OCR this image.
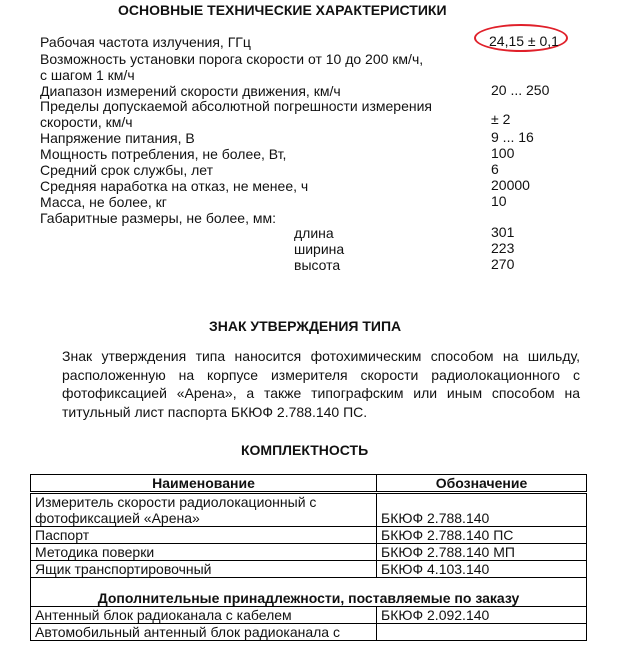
ОСНОВНЫЕ ТЕХНИЧЕСКИЕ ХАРАКТЕРИСТИКИ
Рабочая частота излучения, ГГц	24,15 ± 0,1
Возможность установки порога скорости от 10 до 200 км/ч,
с шагом 1 км/ч
Диапазон измерений скорости движения, км/ч	20 ... 250
Пределы допускаемой абсолютной погрешности измерения
скорости, км/ч	± 2
Напряжение питания, В	9 ... 16
Мощность потребления, не более, Вт,	100
Средний срок службы, лет	6
Средняя наработка на отказ, не менее, ч	20000
Масса, не более, кг	10
Габаритные размеры, не более, мм:
длина	301
ширина	223
высота	270
ЗНАК УТВЕРЖДЕНИЯ ТИПА
Знак утверждения типа наносится фотохимическим способом на шильду, расположенную на корпусе измерителя скорости радиолокационного с фотофиксацией «Арена», а также типографским или иным способом на титульный лист паспорта БКЮФ 2.788.140 ПС.
КОМПЛЕКТНОСТЬ
Наименование	Обозначение
Измеритель скорости радиолокационный с фотофиксацией «Арена»	БКЮФ 2.788.140
Паспорт	БКЮФ 2.788.140 ПС
Методика поверки	БКЮФ 2.788.140 МП
Ящик транспортировочный	БКЮФ 4.103.140
Дополнительные принадлежности, поставляемые по заказу	
Антенный блок радиоканала с кабелем	БКЮФ 2.092.140
Автомобильный антенный блок радиоканала с	
